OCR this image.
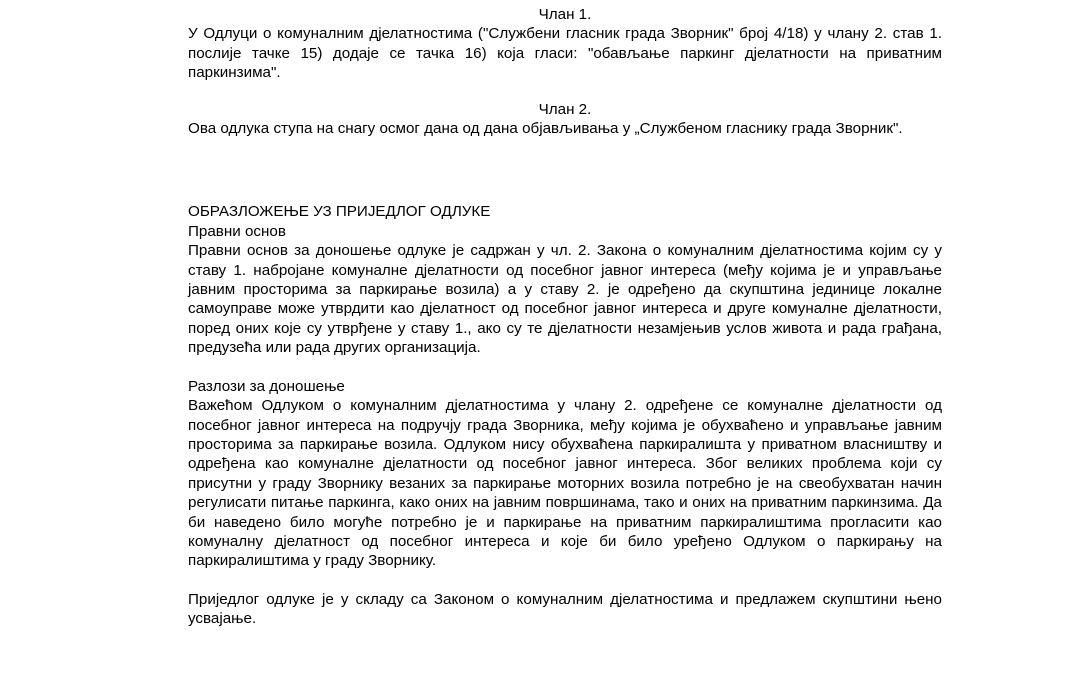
Члан 1.

У Одлуци о комуналним дјелатностима ("Службени гласник града Зворник" број 4/18) у члану 2. став 1. послије тачке 15) додаје се тачка 16) која гласи: "обављање паркинг дјелатности на приватним паркинзима".

Члан 2.

Ова одлука ступа на снагу осмог дана од дана објављивања у „Службеном гласнику града Зворник".

ОБРАЗЛОЖЕЊЕ УЗ ПРИЈЕДЛОГ ОДЛУКЕ

Правни основ

Правни основ за доношење одлуке је садржан у чл. 2. Закона о комуналним дјелатностима којим су у ставу 1. набројане комуналне дјелатности од посебног јавног интереса (међу којима је и управљање јавним просторима за паркирање возила) а у ставу 2. је одређено да скупштина јединице локалне самоуправе може утврдити као дјелатност од посебног јавног интереса и друге комуналне дјелатности, поред оних које су утврђене у ставу 1., ако су те дјелатности незамјењив услов живота и рада грађана, предузећа или рада других организација.

Разлози за доношење

Важећом Одлуком о комуналним дјелатностима у члану 2. одређене се комуналне дјелатности од посебног јавног интереса на подручју града Зворника, међу којима је обухваћено и управљање јавним просторима за паркирање возила. Одлуком нису обухваћена паркиралишта у приватном власништву и одређена као комуналне дјелатности од посебног јавног интереса. Због великих проблема који су присутни у граду Зворнику везаних за паркирање моторних возила потребно је на свеобухватан начин регулисати питање паркинга, како оних на јавним површинама, тако и оних на приватним паркинзима. Да би наведено било могуће потребно је и паркирање на приватним паркиралиштима прогласити као комуналну дјелатност од посебног интереса и које би било уређено Одлуком о паркирању на паркиралиштима у граду Зворнику.

Приједлог одлуке је у складу са Законом о комуналним дјелатностима и предлажем скупштини њено усвајање.
